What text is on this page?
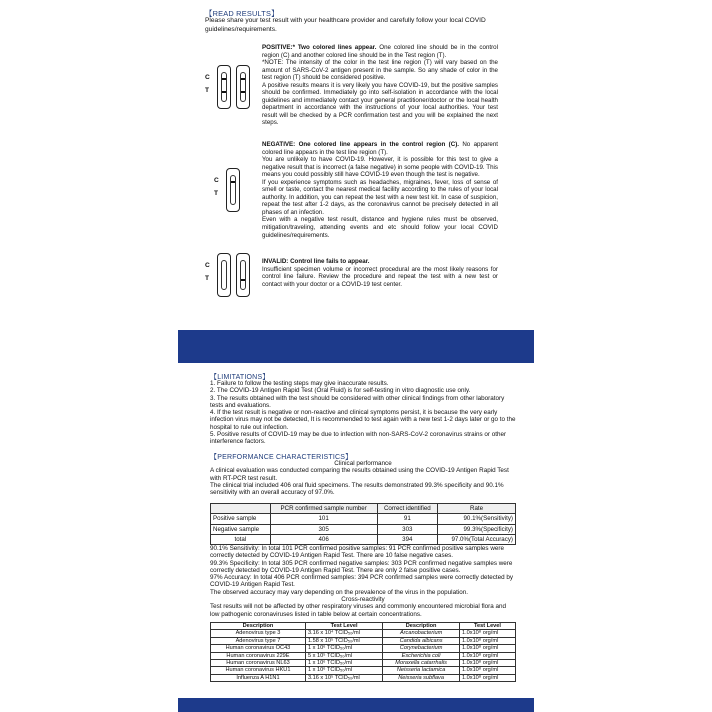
【READ RESULTS】
Please share your test result with your healthcare provider and carefully follow your local COVID guidelines/requirements.
C
T

POSITIVE:* Two colored lines appear. One colored line should be in the control region (C) and another colored line should be in the Test region (T).

*NOTE: The intensity of the color in the test line region (T) will vary based on the amount of SARS-CoV-2 antigen present in the sample. So any shade of color in the test region (T) should be considered positive.

A positive results means it is very likely you have COVID-19, but the positive samples should be confirmed. Immediately go into self-isolation in accordance with the local guidelines and immediately contact your general practitioner/doctor or the local health department in accordance with the instructions of your local authorities. Your test result will be checked by a PCR confirmation test and you will be explained the next steps.

C
T

NEGATIVE: One colored line appears in the control region (C). No apparent colored line appears in the test line region (T).

You are unlikely to have COVID-19. However, it is possible for this test to give a negative result that is incorrect (a false negative) in some people with COVID-19. This means you could possibly still have COVID-19 even though the test is negative.

If you experience symptoms such as headaches, migraines, fever, loss of sense of smell or taste, contact the nearest medical facility according to the rules of your local authority. In addition, you can repeat the test with a new test kit. In case of suspicion, repeat the test after 1-2 days, as the coronavirus cannot be precisely detected in all phases of an infection.

Even with a negative test result, distance and hygiene rules must be observed, mitigation/traveling, attending events and etc should follow your local COVID guidelines/requirements.

C
T

INVALID: Control line fails to appear.

Insufficient specimen volume or incorrect procedural are the most likely reasons for control line failure. Review the procedure and repeat the test with a new test or contact with your doctor or a COVID-19 test center.

【LIMITATIONS】

1. Failure to follow the testing steps may give inaccurate results.

2. The COVID-19 Antigen Rapid Test (Oral Fluid) is for self-testing in vitro diagnostic use only.

3. The results obtained with the test should be considered with other clinical findings from other laboratory tests and evaluations.

4. If the test result is negative or non-reactive and clinical symptoms persist, it is because the very early infection virus may not be detected, It is recommended to test again with a new test 1-2 days later or go to the hospital to rule out infection.

5. Positive results of COVID-19 may be due to infection with non-SARS-CoV-2 coronavirus strains or other interference factors.

【PERFORMANCE CHARACTERISTICS】

Clinical performance

A clinical evaluation was conducted comparing the results obtained using the COVID-19 Antigen Rapid Test with RT-PCR test result.

The clinical trial included 406 oral fluid specimens. The results demonstrated 99.3% specificity and 90.1% sensitivity with an overall accuracy of 97.0%.

	PCR confirmed sample number	Correct identified	Rate
Positive sample	101	91	90.1%(Sensitivity)
Negative sample	305	303	99.3%(Specificity)
total	406	394	97.0%(Total Accuracy)

90.1% Sensitivity: In total 101 PCR confirmed positive samples: 91 PCR confirmed positive samples were correctly detected by COVID-19 Antigen Rapid Test. There are 10 false negative cases.

99.3% Specificity: In total 305 PCR confirmed negative samples: 303 PCR confirmed negative samples were correctly detected by COVID-19 Antigen Rapid Test. There are only 2 false positive cases.

97% Accuracy: In total 406 PCR confirmed samples: 394 PCR confirmed samples were correctly detected by COVID-19 Antigen Rapid Test.

The observed accuracy may vary depending on the prevalence of the virus in the population.

Cross-reactivity

Test results will not be affected by other respiratory viruses and commonly encountered microbial flora and low pathogenic coronaviruses listed in table below at certain concentrations.

Description	Test Level	Description	Test Level
Adenovirus type 3	3.16 x 10⁴ TCID₅₀/ml	Arcanobacterium	1.0x10⁸ org/ml
Adenovirus type 7	1.58 x 10⁵ TCID₅₀/ml	Candida albicans	1.0x10⁸ org/ml
Human coronavirus OC43	1 x 10⁶ TCID₅₀/ml	Corynebacterium	1.0x10⁸ org/ml
Human coronavirus 229E	5 x 10⁵ TCID₅₀/ml	Escherichia coli	1.0x10⁸ org/ml
Human coronavirus NL63	1 x 10⁶ TCID₅₀/ml	Moraxella catarrhalis	1.0x10⁸ org/ml
Human coronavirus HKU1	1 x 10⁶ TCID₅₀/ml	Neisseria lactamica	1.0x10⁸ org/ml
Influenza A H1N1	3.16 x 10⁵ TCID₅₀/ml	Neisseria subflava	1.0x10⁸ org/ml
